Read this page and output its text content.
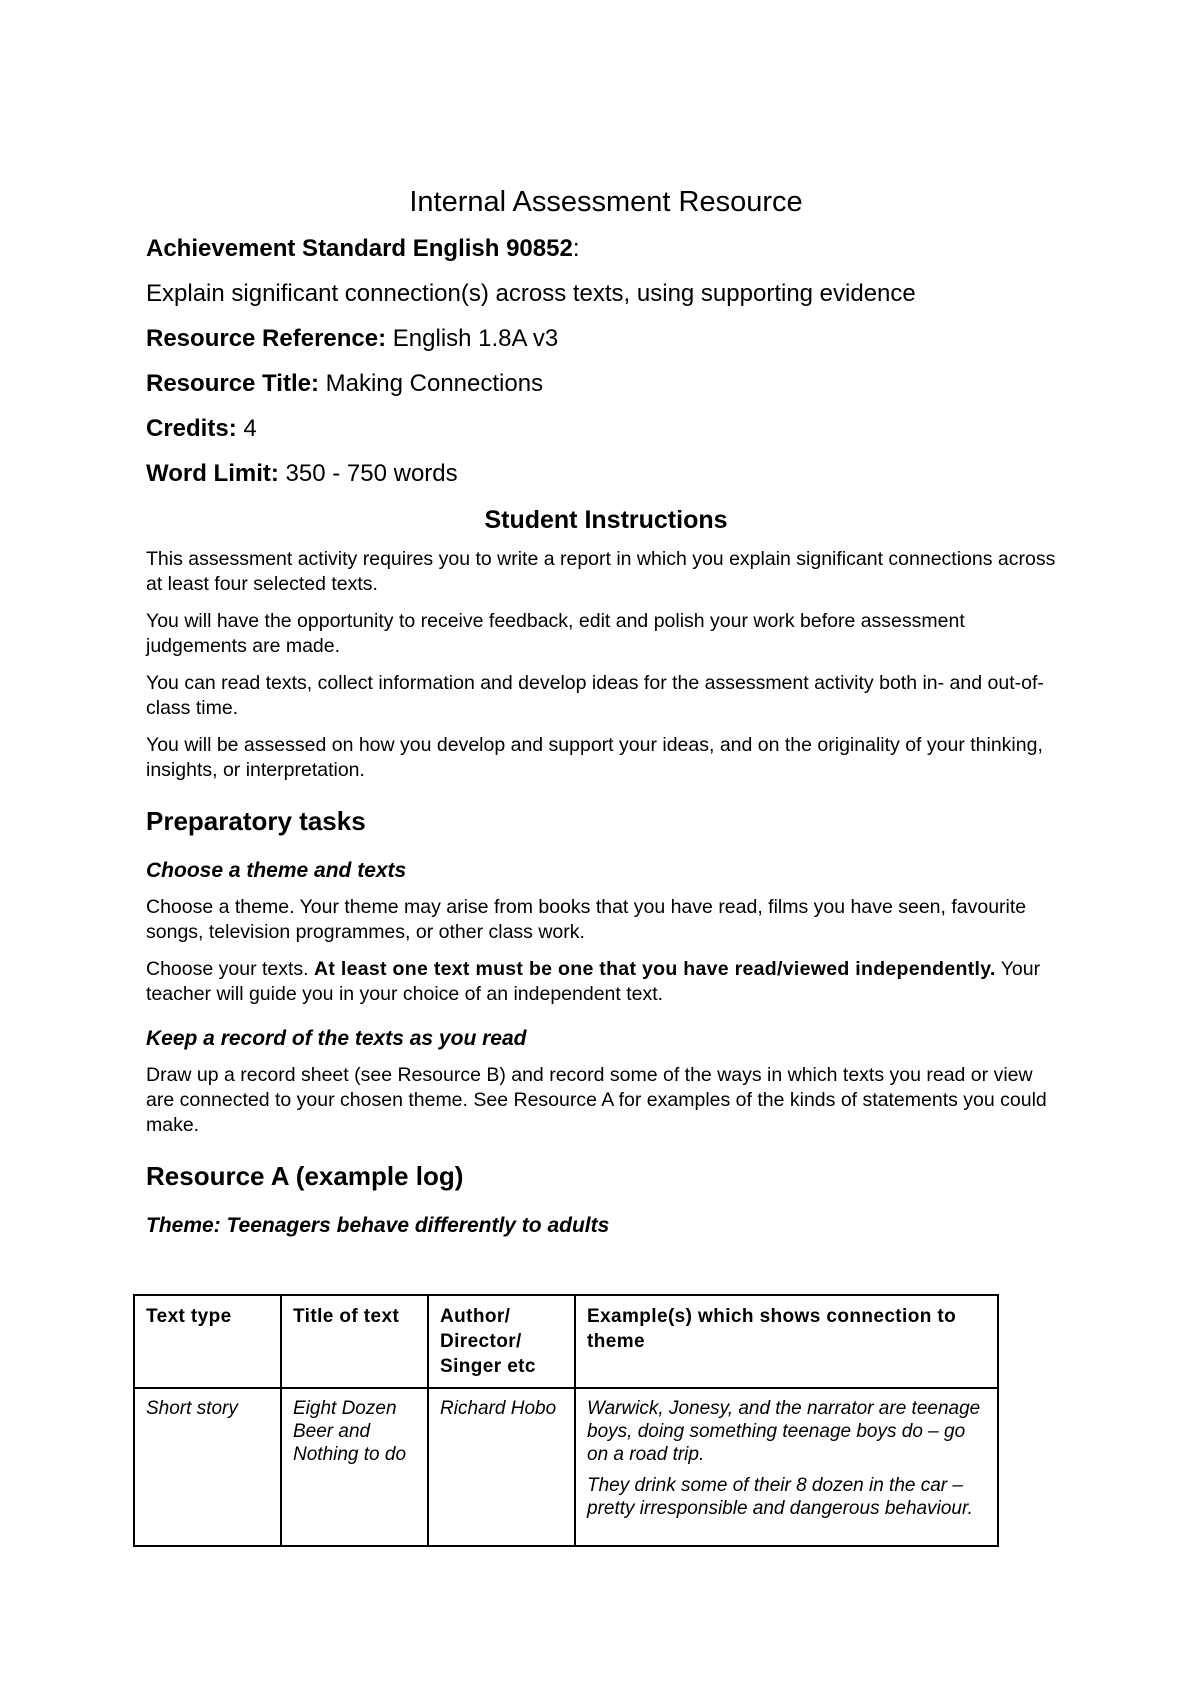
Internal Assessment Resource

Achievement Standard English 90852:

Explain significant connection(s) across texts, using supporting evidence

Resource Reference: English 1.8A v3

Resource Title: Making Connections

Credits: 4

Word Limit: 350 - 750 words

Student Instructions

This assessment activity requires you to write a report in which you explain significant connections across at least four selected texts.

You will have the opportunity to receive feedback, edit and polish your work before assessment judgements are made.

You can read texts, collect information and develop ideas for the assessment activity both in- and out-of-class time.

You will be assessed on how you develop and support your ideas, and on the originality of your thinking, insights, or interpretation.

Preparatory tasks
Choose a theme and texts

Choose a theme. Your theme may arise from books that you have read, films you have seen, favourite songs, television programmes, or other class work.

Choose your texts. At least one text must be one that you have read/viewed independently. Your teacher will guide you in your choice of an independent text.

Keep a record of the texts as you read

Draw up a record sheet (see Resource B) and record some of the ways in which texts you read or view are connected to your chosen theme. See Resource A for examples of the kinds of statements you could make.

Resource A (example log)
Theme: Teenagers behave differently to adults
Text type	Title of text	Author/ Director/ Singer etc	Example(s) which shows connection to theme
Short story	Eight Dozen Beer and Nothing to do	Richard Hobo	Warwick, Jonesy, and the narrator are teenage boys, doing something teenage boys do – go on a road trip.

They drink some of their 8 dozen in the car – pretty irresponsible and dangerous behaviour.
